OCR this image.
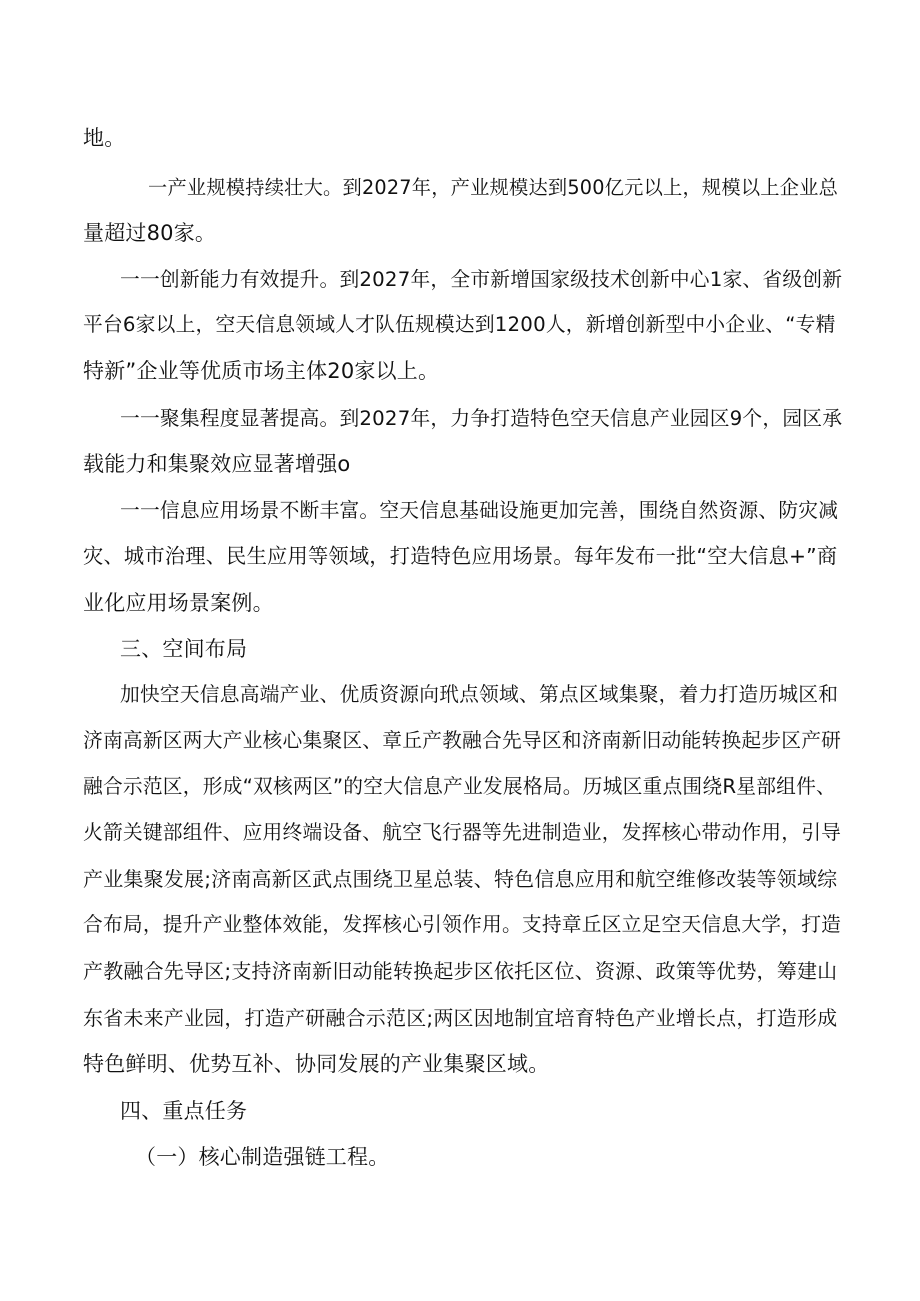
地。
一产业规模持续壮大。到2027年，产业规模达到500亿元以上，规模以上企业总
量超过80家。
一一创新能力有效提升。到2027年，全市新增国家级技术创新中心1家、省级创新
平台6家以上，空天信息领域人才队伍规模达到1200人，新增创新型中小企业、“专精
特新”企业等优质市场主体20家以上。
一一聚集程度显著提高。到2027年，力争打造特色空天信息产业园区9个，园区承
载能力和集聚效应显著增强o
一一信息应用场景不断丰富。空天信息基础设施更加完善，围绕自然资源、防灾减
灾、城市治理、民生应用等领域，打造特色应用场景。每年发布一批“空大信息+”商
业化应用场景案例。
三、空间布局
加快空天信息高端产业、优质资源向玳点领域、第点区域集聚，着力打造历城区和
济南高新区两大产业核心集聚区、章丘产教融合先导区和济南新旧动能转换起步区产研
融合示范区，形成“双核两区”的空大信息产业发展格局。历城区重点围绕R星部组件、
火箭关键部组件、应用终端设备、航空飞行器等先进制造业，发挥核心带动作用，引导
产业集聚发展;济南高新区武点围绕卫星总装、特色信息应用和航空维修改装等领域综
合布局，提升产业整体效能，发挥核心引领作用。支持章丘区立足空天信息大学，打造
产教融合先导区;支持济南新旧动能转换起步区依托区位、资源、政策等优势，筹建山
东省未来产业园，打造产研融合示范区;两区因地制宜培育特色产业增长点，打造形成
特色鲜明、优势互补、协同发展的产业集聚区域。
四、重点任务
（一）核心制造强链工程。
